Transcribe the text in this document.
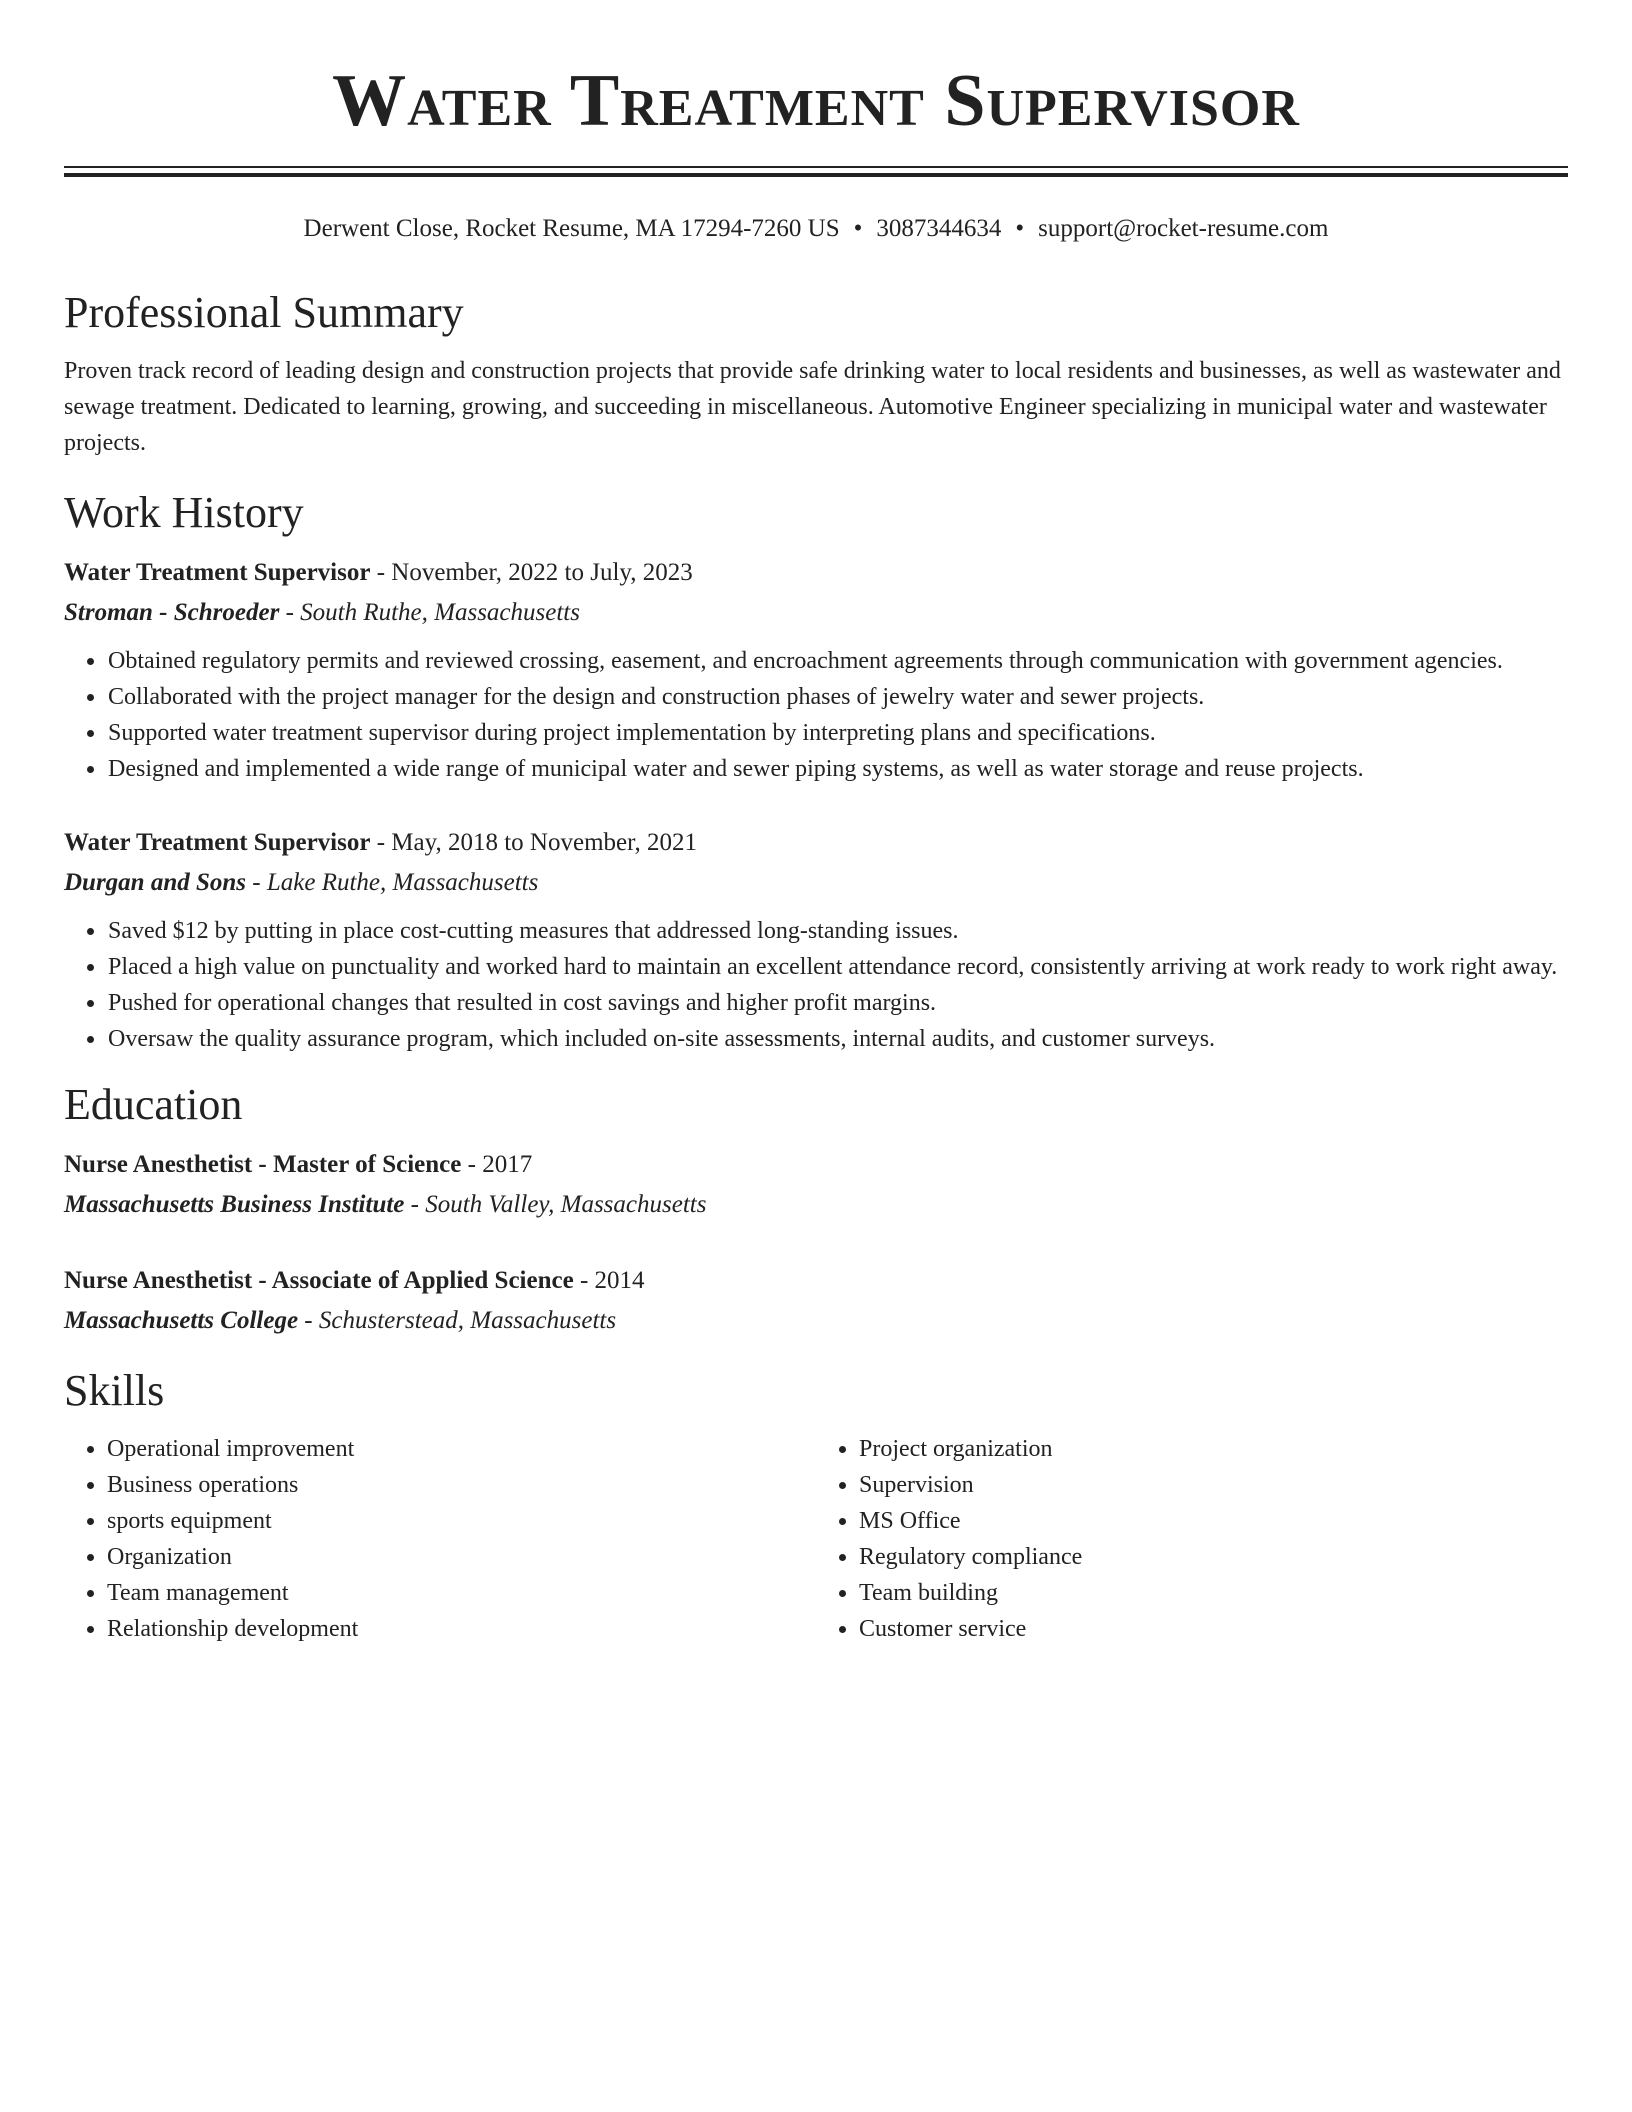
Water Treatment Supervisor
Derwent Close, Rocket Resume, MA 17294-7260 US • 3087344634 • support@rocket-resume.com
Professional Summary

Proven track record of leading design and construction projects that provide safe drinking water to local residents and businesses, as well as wastewater and sewage treatment. Dedicated to learning, growing, and succeeding in miscellaneous. Automotive Engineer specializing in municipal water and wastewater projects.

Work History
Water Treatment Supervisor - November, 2022 to July, 2023
Stroman - Schroeder - South Ruthe, Massachusetts
• Obtained regulatory permits and reviewed crossing, easement, and encroachment agreements through communication with government agencies.
• Collaborated with the project manager for the design and construction phases of jewelry water and sewer projects.
• Supported water treatment supervisor during project implementation by interpreting plans and specifications.
• Designed and implemented a wide range of municipal water and sewer piping systems, as well as water storage and reuse projects.
Water Treatment Supervisor - May, 2018 to November, 2021
Durgan and Sons - Lake Ruthe, Massachusetts
• Saved $12 by putting in place cost-cutting measures that addressed long-standing issues.
• Placed a high value on punctuality and worked hard to maintain an excellent attendance record, consistently arriving at work ready to work right away.
• Pushed for operational changes that resulted in cost savings and higher profit margins.
• Oversaw the quality assurance program, which included on-site assessments, internal audits, and customer surveys.
Education
Nurse Anesthetist - Master of Science - 2017
Massachusetts Business Institute - South Valley, Massachusetts
Nurse Anesthetist - Associate of Applied Science - 2014
Massachusetts College - Schusterstead, Massachusetts
Skills
• Operational improvement
• Business operations
• sports equipment
• Organization
• Team management
• Relationship development
• Project organization
• Supervision
• MS Office
• Regulatory compliance
• Team building
• Customer service
